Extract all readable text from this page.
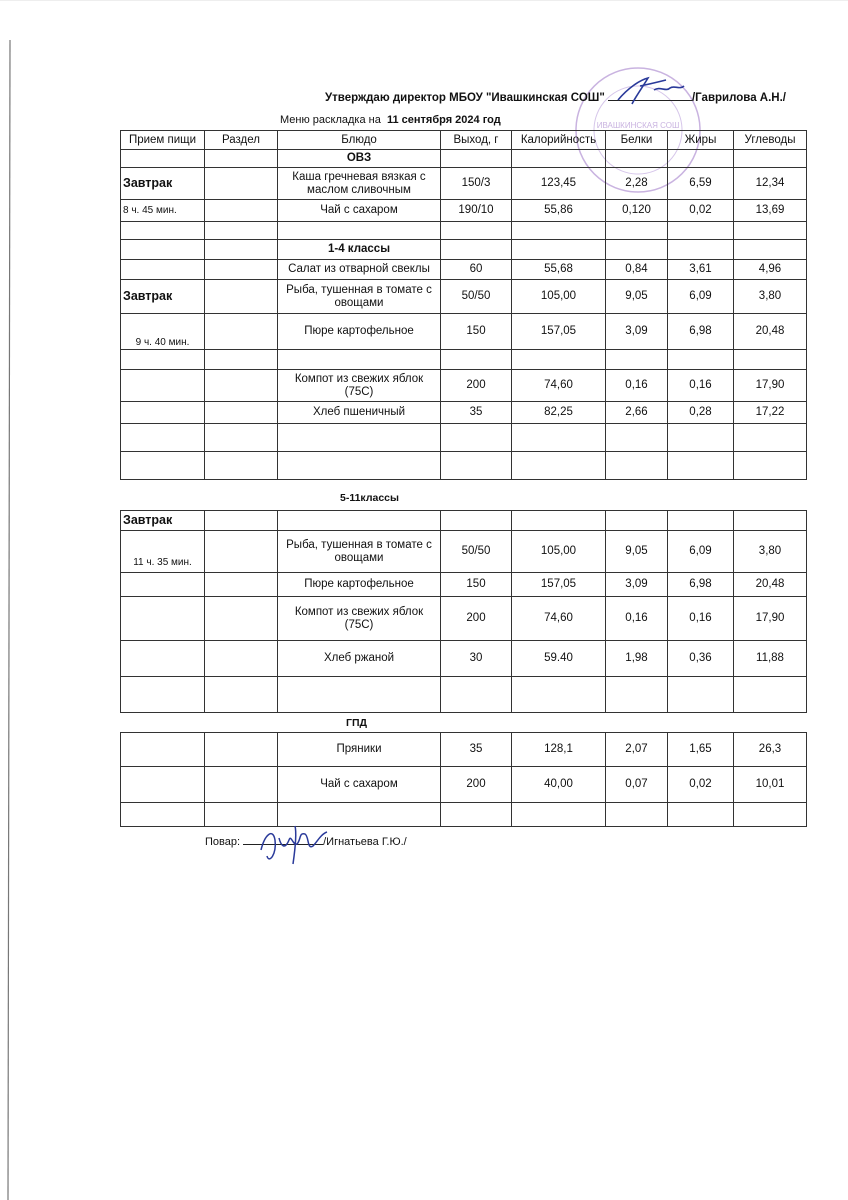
ИВАШКИНСКАЯ СОШ
Утверждаю директор МБОУ "Ивашкинская СОШ"	/Гаврилова А.Н./
Меню раскладка на 11 сентября 2024 год
Прием пищи	Раздел	Блюдо	Выход, г	Калорийность	Белки	Жиры	Углеводы
		ОВЗ					
Завтрак		Каша гречневая вязкая с маслом сливочным	150/3	123,45	2,28	6,59	12,34
8 ч. 45 мин.		Чай с сахаром	190/10	55,86	0,120	0,02	13,69

		1-4 классы					
		Салат из отварной свеклы	60	55,68	0,84	3,61	4,96
Завтрак		Рыба, тушенная в томате с овощами	50/50	105,00	9,05	6,09	3,80
9 ч. 40 мин.		Пюре картофельное	150	157,05	3,09	6,98	20,48

		Компот из свежих яблок (75С)	200	74,60	0,16	0,16	17,90
		Хлеб пшеничный	35	82,25	2,66	0,28	17,22

5-11классы
Завтрак							
11 ч. 35 мин.		Рыба, тушенная в томате с овощами	50/50	105,00	9,05	6,09	3,80
		Пюре картофельное	150	157,05	3,09	6,98	20,48
		Компот из свежих яблок (75С)	200	74,60	0,16	0,16	17,90
		Хлеб ржаной	30	59.40	1,98	0,36	11,88

ГПД
		Пряники	35	128,1	2,07	1,65	26,3
		Чай с сахаром	200	40,00	0,07	0,02	10,01

Повар:	/Игнатьева Г.Ю./
